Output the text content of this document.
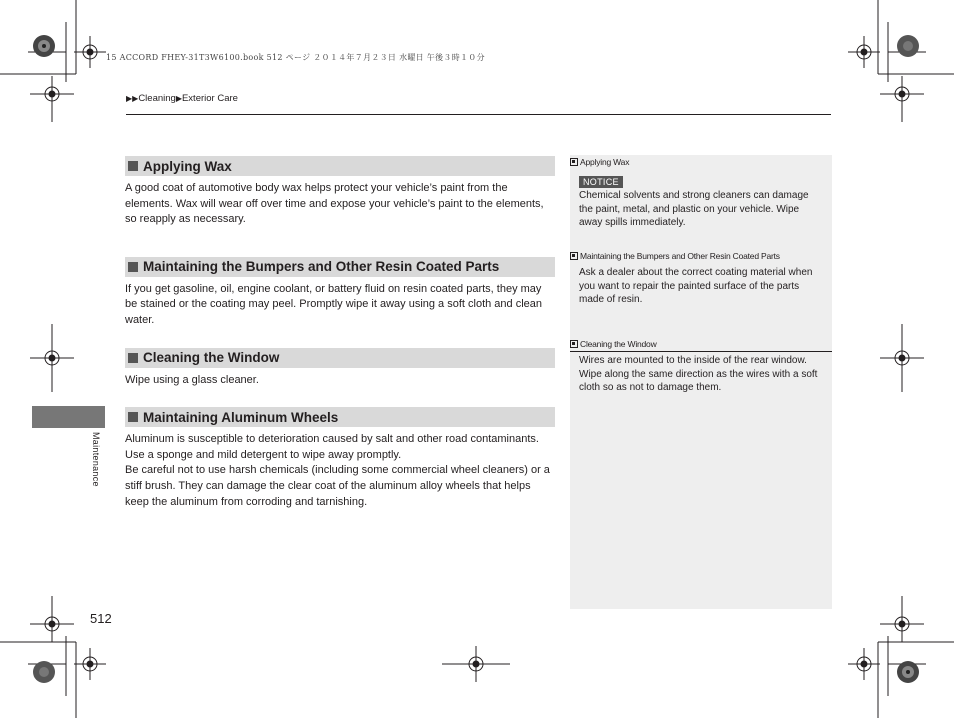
15 ACCORD FHEY-31T3W6100.book 512 ページ ２０１４年７月２３日 水曜日 午後３時１０分
▶▶Cleaning▶Exterior Care
Applying Wax

A good coat of automotive body wax helps protect your vehicle’s paint from the elements. Wax will wear off over time and expose your vehicle’s paint to the elements, so reapply as necessary.

Maintaining the Bumpers and Other Resin Coated Parts

If you get gasoline, oil, engine coolant, or battery fluid on resin coated parts, they may be stained or the coating may peel. Promptly wipe it away using a soft cloth and clean water.

Cleaning the Window

Wipe using a glass cleaner.

Maintaining Aluminum Wheels

Aluminum is susceptible to deterioration caused by salt and other road contaminants. Use a sponge and mild detergent to wipe away promptly.

Be careful not to use harsh chemicals (including some commercial wheel cleaners) or a stiff brush. They can damage the clear coat of the aluminum alloy wheels that helps keep the aluminum from corroding and tarnishing.

Applying Wax
NOTICE
Chemical solvents and strong cleaners can damage the paint, metal, and plastic on your vehicle. Wipe away spills immediately.
Maintaining the Bumpers and Other Resin Coated Parts
Ask a dealer about the correct coating material when you want to repair the painted surface of the parts made of resin.
Cleaning the Window
Wires are mounted to the inside of the rear window. Wipe along the same direction as the wires with a soft cloth so as not to damage them.
Maintenance
512
